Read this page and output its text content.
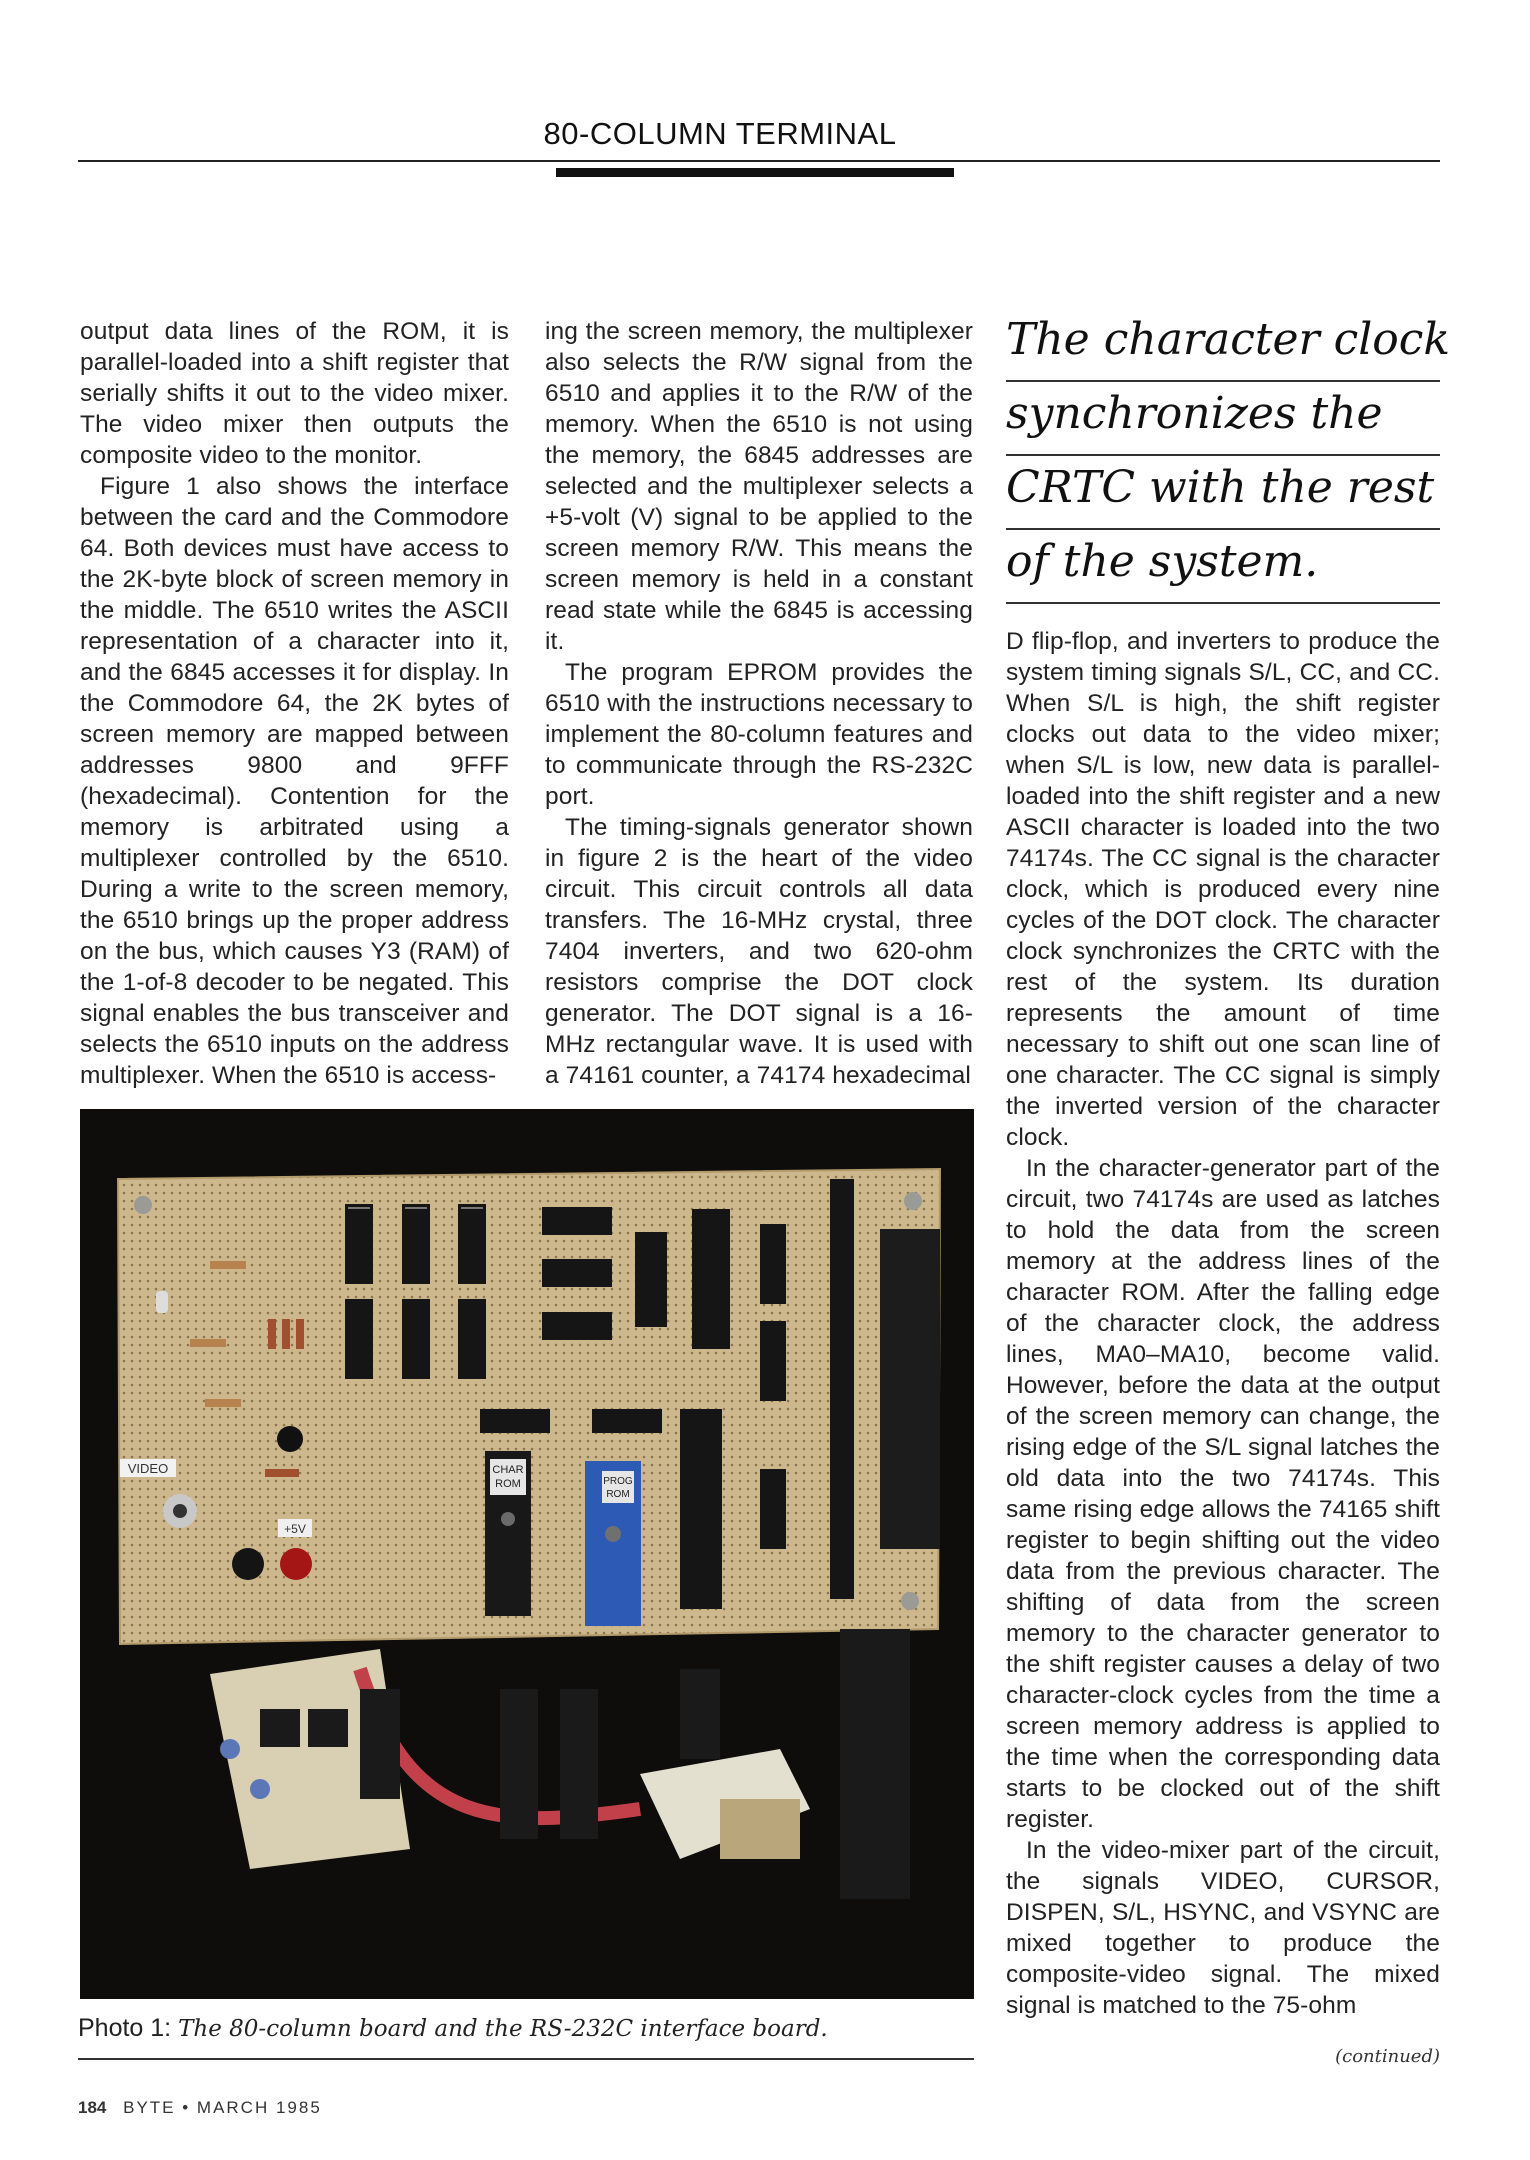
80-COLUMN TERMINAL

output data lines of the ROM, it is parallel-loaded into a shift register that serially shifts it out to the video mixer. The video mixer then outputs the composite video to the monitor.

Figure 1 also shows the interface between the card and the Commodore 64. Both devices must have access to the 2K-byte block of screen memory in the middle. The 6510 writes the ASCII representation of a character into it, and the 6845 accesses it for display. In the Commodore 64, the 2K bytes of screen memory are mapped between addresses 9800 and 9FFF (hexadecimal). Contention for the memory is arbitrated using a multiplexer controlled by the 6510. During a write to the screen memory, the 6510 brings up the proper address on the bus, which causes Y3 (RAM) of the 1-of-8 decoder to be negated. This signal enables the bus transceiver and selects the 6510 inputs on the address multiplexer. When the 6510 is access-

ing the screen memory, the multiplexer also selects the R/W signal from the 6510 and applies it to the R/W of the memory. When the 6510 is not using the memory, the 6845 addresses are selected and the multiplexer selects a +5-volt (V) signal to be applied to the screen memory R/W. This means the screen memory is held in a constant read state while the 6845 is accessing it.

The program EPROM provides the 6510 with the instructions necessary to implement the 80-column features and to communicate through the RS-232C port.

The timing-signals generator shown in figure 2 is the heart of the video circuit. This circuit controls all data transfers. The 16-MHz crystal, three 7404 inverters, and two 620-ohm resistors comprise the DOT clock generator. The DOT signal is a 16-MHz rectangular wave. It is used with a 74161 counter, a 74174 hexadecimal

The character clock
synchronizes the
CRTC with the rest
of the system.

D flip-flop, and inverters to produce the system timing signals S/L, CC, and CC. When S/L is high, the shift register clocks out data to the video mixer; when S/L is low, new data is parallel-loaded into the shift register and a new ASCII character is loaded into the two 74174s. The CC signal is the character clock, which is produced every nine cycles of the DOT clock. The character clock synchronizes the CRTC with the rest of the system. Its duration represents the amount of time necessary to shift out one scan line of one character. The CC signal is simply the inverted version of the character clock.

In the character-generator part of the circuit, two 74174s are used as latches to hold the data from the screen memory at the address lines of the character ROM. After the falling edge of the character clock, the address lines, MA0–MA10, become valid. However, before the data at the output of the screen memory can change, the rising edge of the S/L signal latches the old data into the two 74174s. This same rising edge allows the 74165 shift register to begin shifting out the video data from the previous character. The shifting of data from the screen memory to the character generator to the shift register causes a delay of two character-clock cycles from the time a screen memory address is applied to the time when the corresponding data starts to be clocked out of the shift register.

In the video-mixer part of the circuit, the signals VIDEO, CURSOR, DISPEN, S/L, HSYNC, and VSYNC are mixed together to produce the composite-video signal. The mixed signal is matched to the 75-ohm

CHAR
ROM	PROG
ROM
VIDEO
+5V
Photo 1: The 80-column board and the RS-232C interface board.
(continued)
184 BYTE • MARCH 1985
